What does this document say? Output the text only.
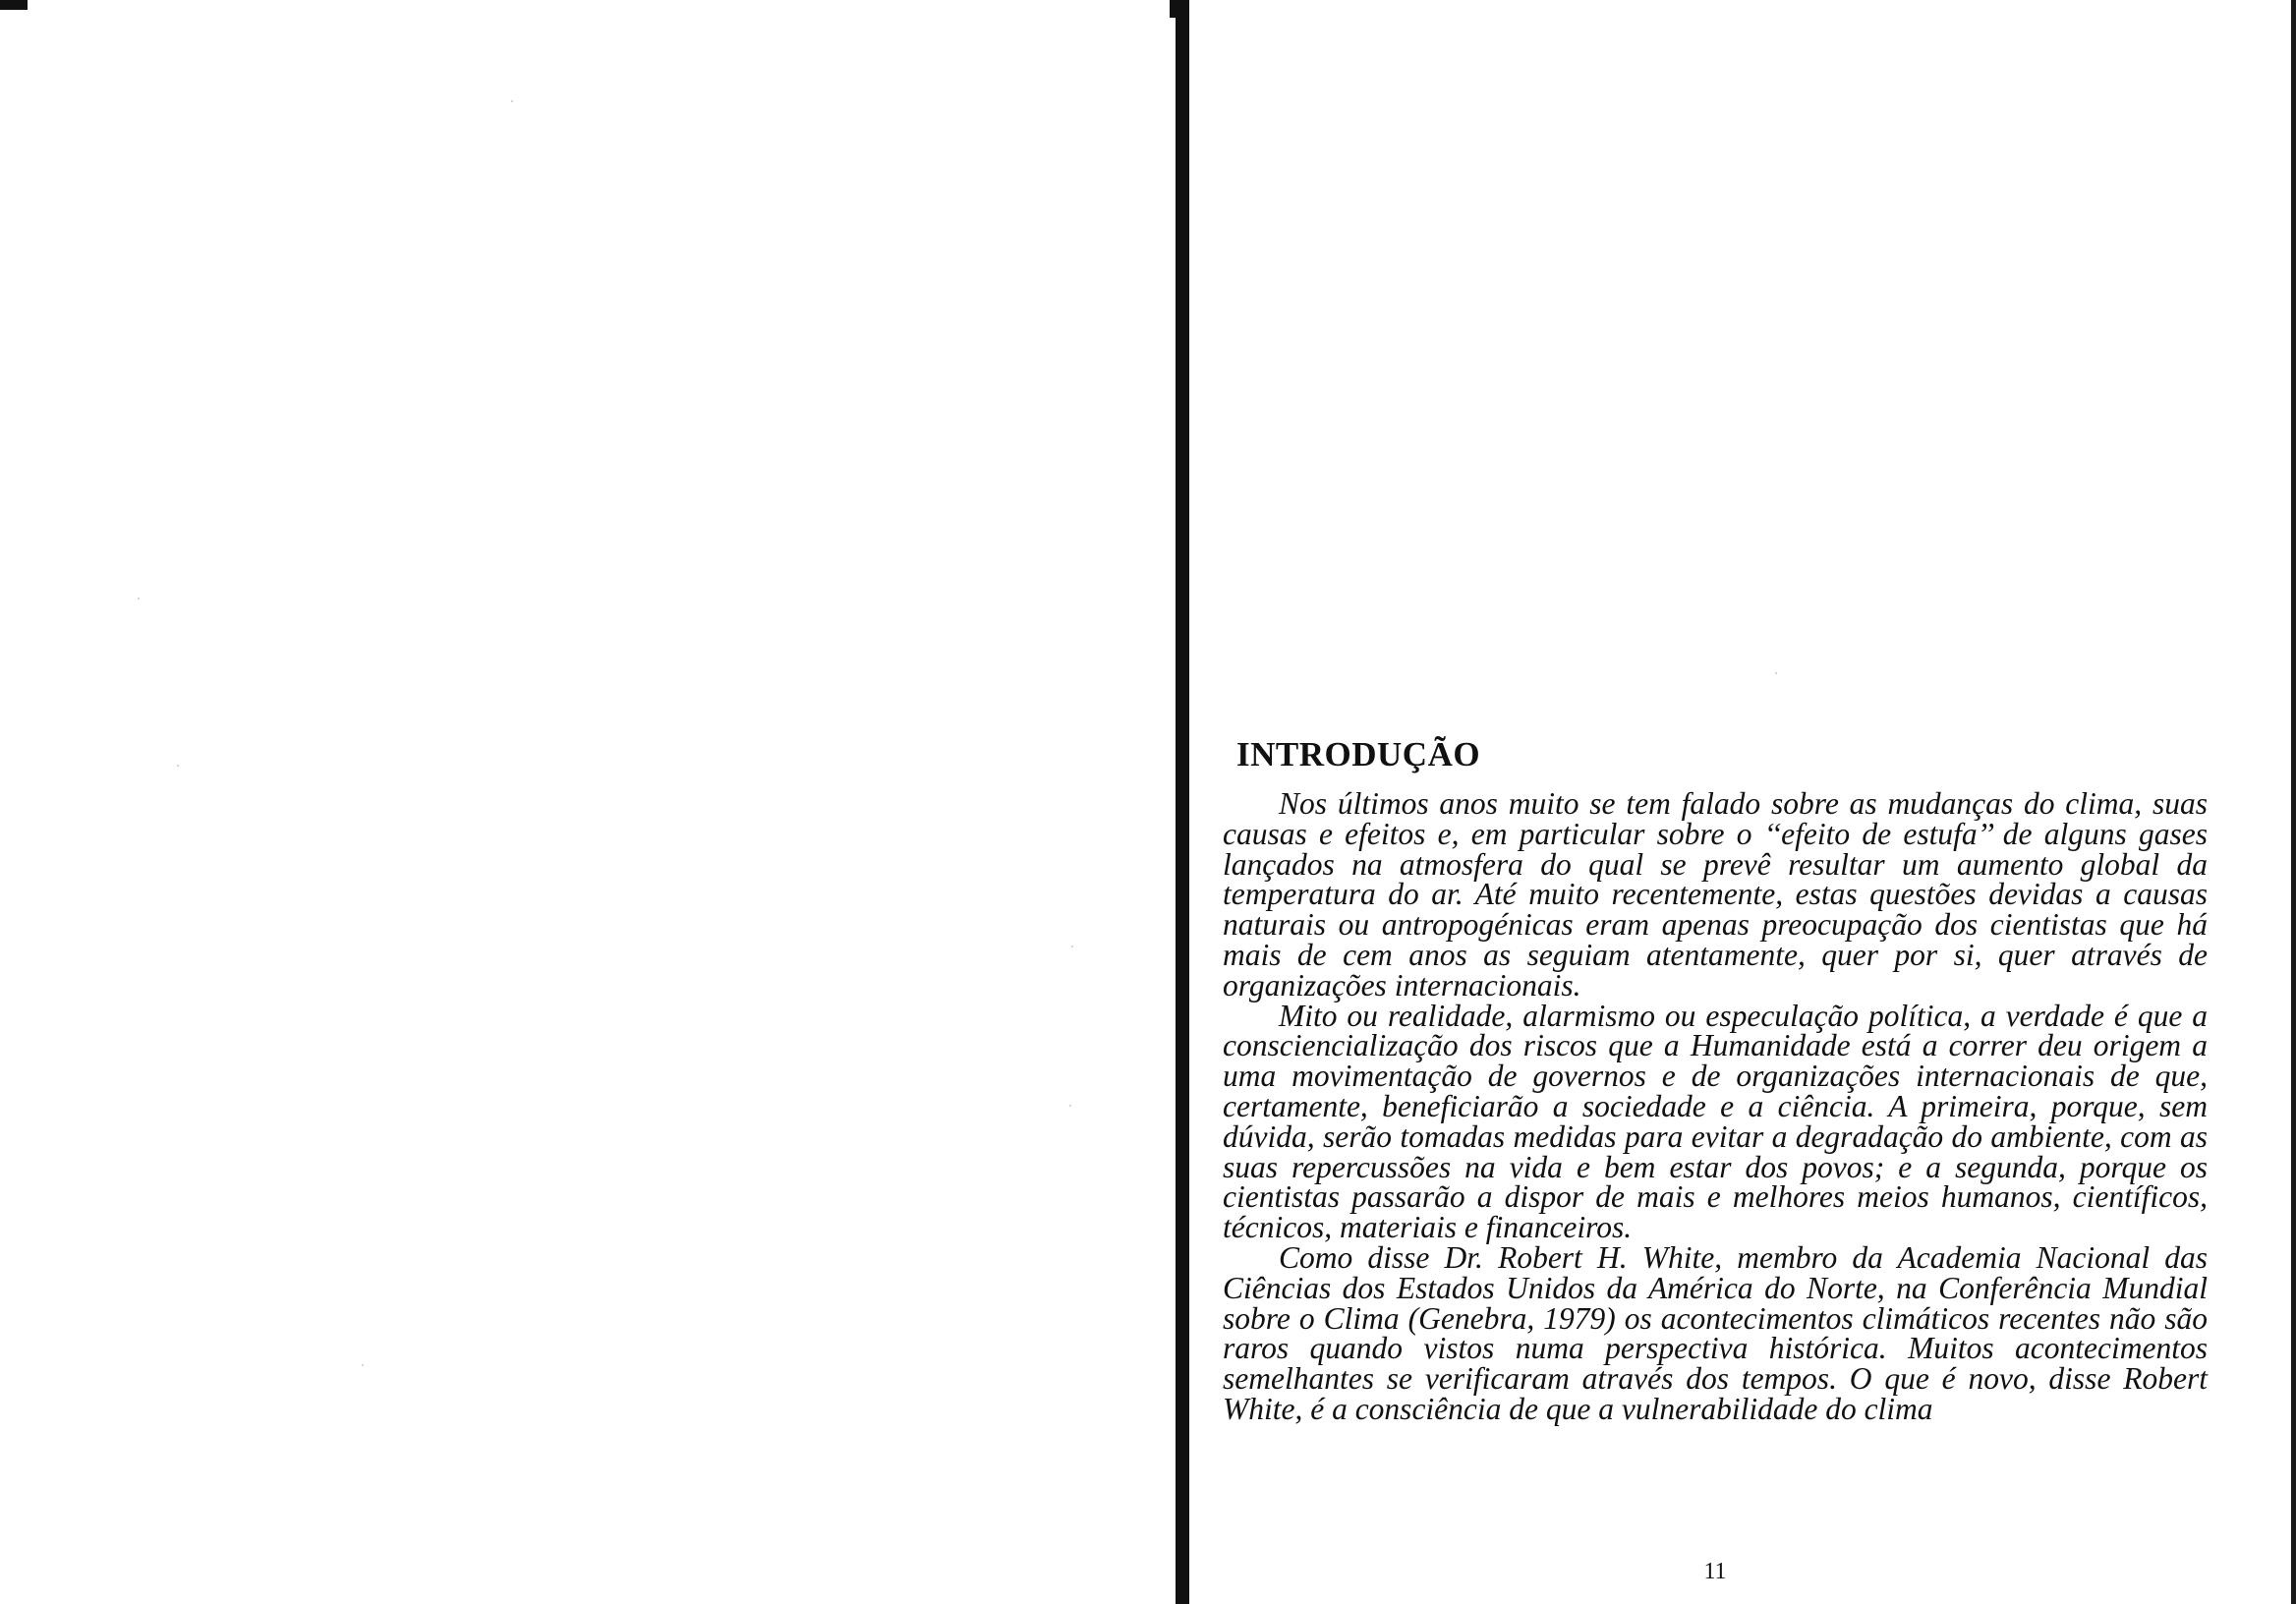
INTRODUÇÃO

Nos últimos anos muito se tem falado sobre as mudanças do clima, suas causas e efeitos e, em particular sobre o ‘‘efeito de estufa’’ de alguns gases lançados na atmosfera do qual se prevê resultar um aumento global da temperatura do ar. Até muito recentemente, estas questões devidas a causas naturais ou antropogénicas eram apenas preocupação dos cientistas que há mais de cem anos as seguiam atentamente, quer por si, quer através de organizações internacionais.

Mito ou realidade, alarmismo ou especulação política, a verdade é que a consciencialização dos riscos que a Humanidade está a correr deu origem a uma movimentação de governos e de organizações internacionais de que, certamente, beneficiarão a sociedade e a ciência. A primeira, porque, sem dúvida, serão tomadas medidas para evitar a degradação do ambiente, com as suas repercussões na vida e bem estar dos povos; e a segunda, porque os cientistas passarão a dispor de mais e melhores meios humanos, científicos, técnicos, materiais e financeiros.

Como disse Dr. Robert H. White, membro da Academia Nacional das Ciências dos Estados Unidos da América do Norte, na Conferência Mundial sobre o Clima (Genebra, 1979) os acontecimentos climáticos recentes não são raros quando vistos numa perspectiva histórica. Muitos acontecimentos semelhantes se verificaram através dos tempos. O que é novo, disse Robert White, é a consciência de que a vulnerabilidade do clima

11
